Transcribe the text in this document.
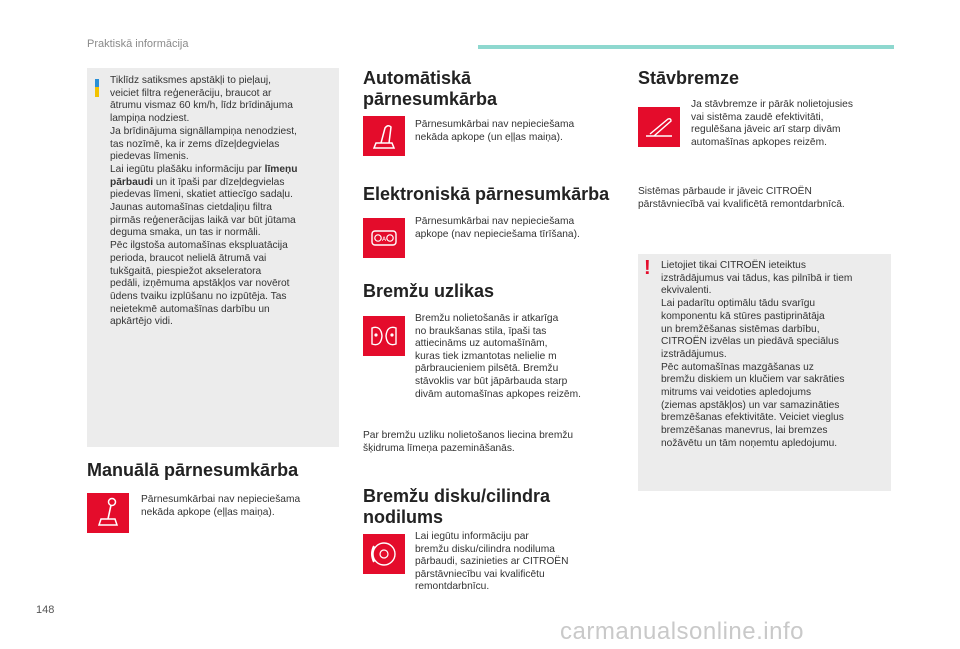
Praktiskā informācija
Tiklīdz satiksmes apstākļi to pieļauj,
veiciet filtra reģenerāciju, braucot ar
ātrumu vismaz 60 km/h, līdz brīdinājuma
lampiņa nodziest.
Ja brīdinājuma signāllampiņa nenodziest,
tas nozīmē, ka ir zems dīzeļdegvielas
piedevas līmenis.
Lai iegūtu plašāku informāciju par līmeņu
pārbaudi un it īpaši par dīzeļdegvielas
piedevas līmeni, skatiet attiecīgo sadaļu.
Jaunas automašīnas cietdaļiņu filtra
pirmās reģenerācijas laikā var būt jūtama
deguma smaka, un tas ir normāli.
Pēc ilgstoša automašīnas ekspluatācija
perioda, braucot nelielā ātrumā vai
tukšgaitā, piespiežot akseleratora
pedāli, izņēmuma apstākļos var novērot
ūdens tvaiku izplūšanu no izpūtēja. Tas
neietekmē automašīnas darbību un
apkārtējo vidi.
Manuālā pārnesumkārba
Pārnesumkārbai nav nepieciešama
nekāda apkope (eļļas maiņa).
Automātiskā
pārnesumkārba
Pārnesumkārbai nav nepieciešama
nekāda apkope (un eļļas maiņa).
Elektroniskā pārnesumkārba
A
Pārnesumkārbai nav nepieciešama
apkope (nav nepieciešama tīrīšana).
Bremžu uzlikas
Bremžu nolietošanās ir atkarīga
no braukšanas stila, īpaši tas
attiecināms uz automašīnām,
kuras tiek izmantotas nelielie m
pārbraucieniem pilsētā. Bremžu
stāvoklis var būt jāpārbauda starp
divām automašīnas apkopes reizēm.
Par bremžu uzliku nolietošanos liecina bremžu
šķidruma līmeņa pazemināšanās.
Bremžu disku/cilindra
nodilums
Lai iegūtu informāciju par
bremžu disku/cilindra nodiluma
pārbaudi, sazinieties ar CITROËN
pārstāvniecību vai kvalificētu
remontdarbnīcu.
Stāvbremze
Ja stāvbremze ir pārāk nolietojusies
vai sistēma zaudē efektivitāti,
regulēšana jāveic arī starp divām
automašīnas apkopes reizēm.
Sistēmas pārbaude ir jāveic CITROËN
pārstāvniecībā vai kvalificētā remontdarbnīcā.
! Lietojiet tikai CITROËN ieteiktus
izstrādājumus vai tādus, kas pilnībā ir tiem
ekvivalenti.
Lai padarītu optimālu tādu svarīgu
komponentu kā stūres pastiprinātāja
un bremžēšanas sistēmas darbību,
CITROËN izvēlas un piedāvā speciālus
izstrādājumus.
Pēc automašīnas mazgāšanas uz
bremžu diskiem un klučiem var sakrāties
mitrums vai veidoties apledojums
(ziemas apstākļos) un var samazināties
bremzēšanas efektivitāte. Veiciet vieglus
bremzēšanas manevrus, lai bremzes
nožāvētu un tām noņemtu apledojumu.
148
carmanualsonline.info
